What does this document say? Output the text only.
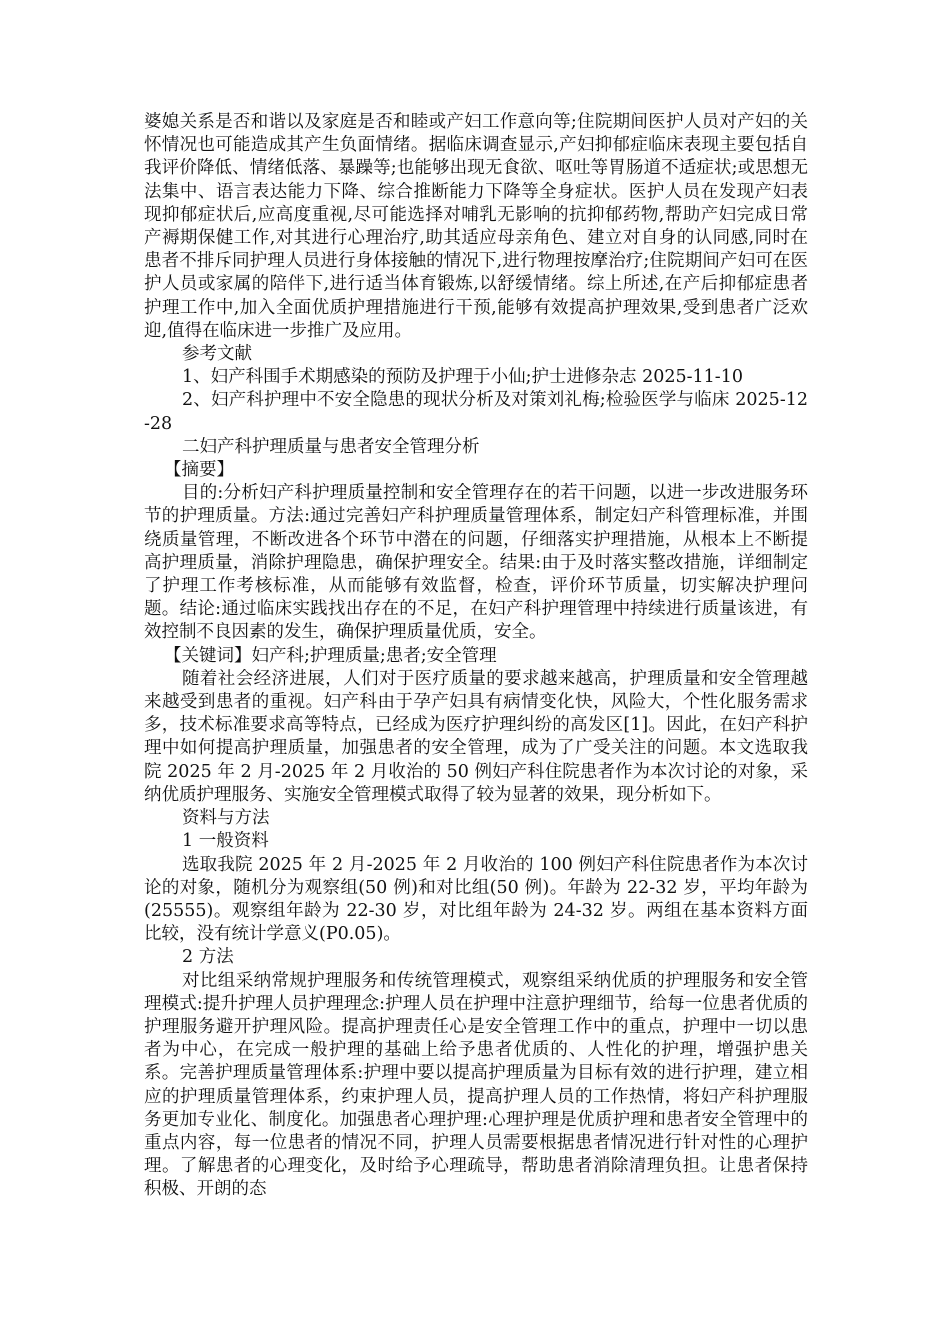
婆媳关系是否和谐以及家庭是否和睦或产妇工作意向等;住院期间医护人员对产妇的关怀情况也可能造成其产生负面情绪。据临床调查显示,产妇抑郁症临床表现主要包括自我评价降低、情绪低落、暴躁等;也能够出现无食欲、呕吐等胃肠道不适症状;或思想无法集中、语言表达能力下降、综合推断能力下降等全身症状。医护人员在发现产妇表现抑郁症状后,应高度重视,尽可能选择对哺乳无影响的抗抑郁药物,帮助产妇完成日常产褥期保健工作,对其进行心理治疗,助其适应母亲角色、建立对自身的认同感,同时在患者不排斥同护理人员进行身体接触的情况下,进行物理按摩治疗;住院期间产妇可在医护人员或家属的陪伴下,进行适当体育锻炼,以舒缓情绪。综上所述,在产后抑郁症患者护理工作中,加入全面优质护理措施进行干预,能够有效提高护理效果,受到患者广泛欢迎,值得在临床进一步推广及应用。

参考文献

1、妇产科围手术期感染的预防及护理于小仙;护士进修杂志 2025-11-10

2、妇产科护理中不安全隐患的现状分析及对策刘礼梅;检验医学与临床 2025-12-28

二妇产科护理质量与患者安全管理分析

【摘要】

目的:分析妇产科护理质量控制和安全管理存在的若干问题，以进一步改进服务环节的护理质量。方法:通过完善妇产科护理质量管理体系，制定妇产科管理标准，并围绕质量管理，不断改进各个环节中潜在的问题，仔细落实护理措施，从根本上不断提高护理质量，消除护理隐患，确保护理安全。结果:由于及时落实整改措施，详细制定了护理工作考核标准，从而能够有效监督，检查，评价环节质量，切实解决护理问题。结论:通过临床实践找出存在的不足，在妇产科护理管理中持续进行质量该进，有效控制不良因素的发生，确保护理质量优质，安全。

【关键词】妇产科;护理质量;患者;安全管理

随着社会经济进展，人们对于医疗质量的要求越来越高，护理质量和安全管理越来越受到患者的重视。妇产科由于孕产妇具有病情变化快，风险大，个性化服务需求多，技术标准要求高等特点，已经成为医疗护理纠纷的高发区[1]。因此，在妇产科护理中如何提高护理质量，加强患者的安全管理，成为了广受关注的问题。本文选取我院 2025 年 2 月-2025 年 2 月收治的 50 例妇产科住院患者作为本次讨论的对象，采纳优质护理服务、实施安全管理模式取得了较为显著的效果，现分析如下。

资料与方法

1 一般资料

选取我院 2025 年 2 月-2025 年 2 月收治的 100 例妇产科住院患者作为本次讨论的对象，随机分为观察组(50 例)和对比组(50 例)。年龄为 22-32 岁，平均年龄为(25555)。观察组年龄为 22-30 岁，对比组年龄为 24-32 岁。两组在基本资料方面比较，没有统计学意义(P0.05)。

2 方法

对比组采纳常规护理服务和传统管理模式，观察组采纳优质的护理服务和安全管理模式:提升护理人员护理理念:护理人员在护理中注意护理细节，给每一位患者优质的护理服务避开护理风险。提高护理责任心是安全管理工作中的重点，护理中一切以患者为中心，在完成一般护理的基础上给予患者优质的、人性化的护理，增强护患关系。完善护理质量管理体系:护理中要以提高护理质量为目标有效的进行护理，建立相应的护理质量管理体系，约束护理人员，提高护理人员的工作热情，将妇产科护理服务更加专业化、制度化。加强患者心理护理:心理护理是优质护理和患者安全管理中的重点内容，每一位患者的情况不同，护理人员需要根据患者情况进行针对性的心理护理。了解患者的心理变化，及时给予心理疏导，帮助患者消除清理负担。让患者保持积极、开朗的态
